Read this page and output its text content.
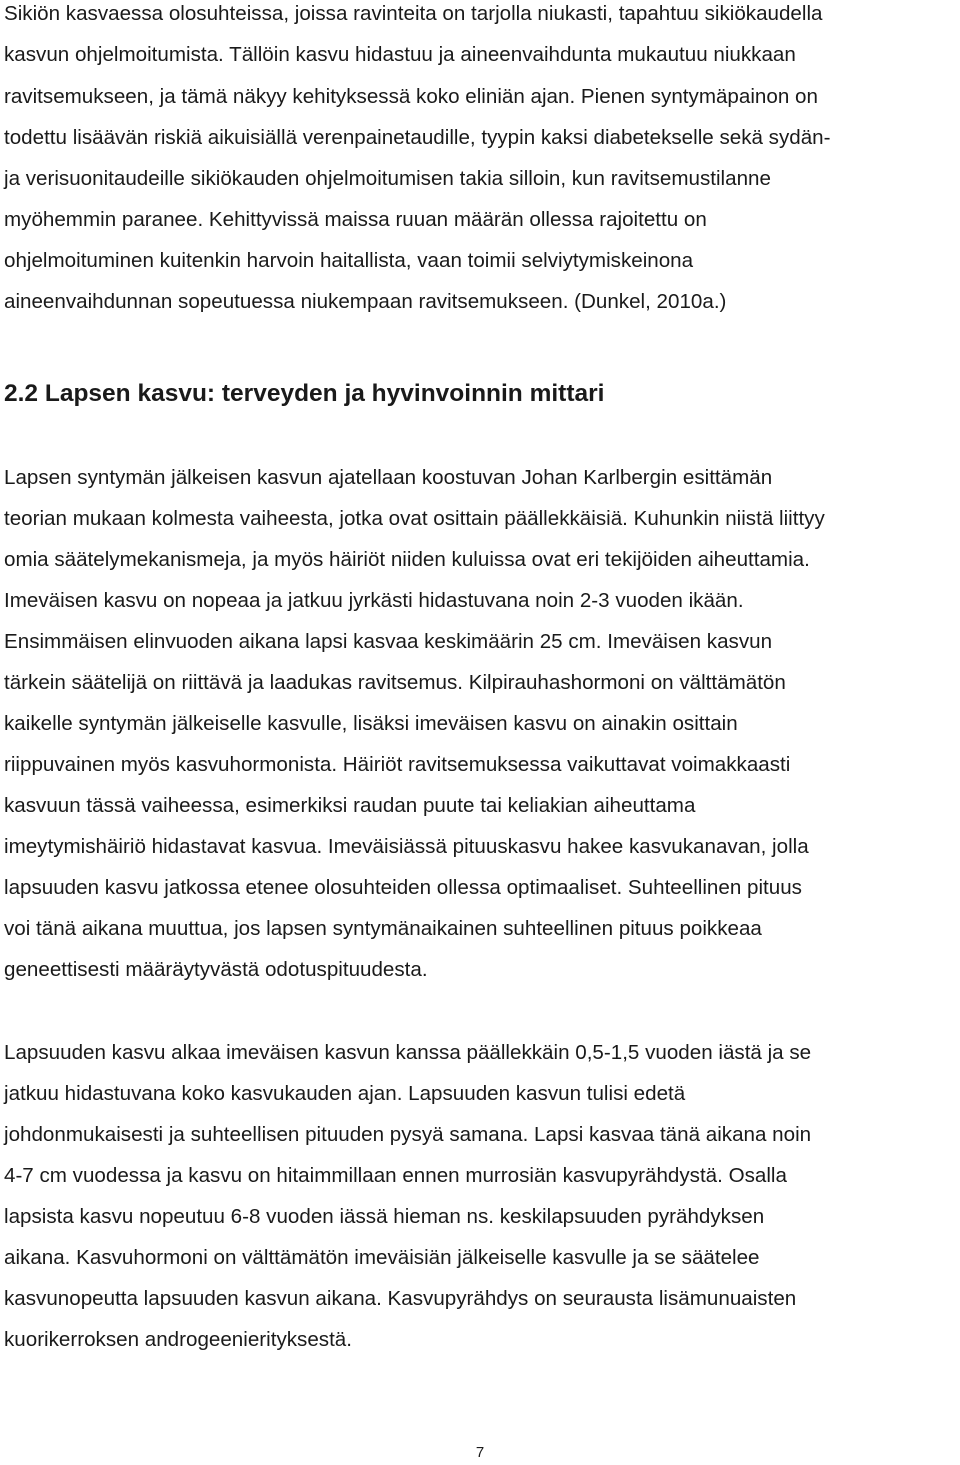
Sikiön kasvaessa olosuhteissa, joissa ravinteita on tarjolla niukasti, tapahtuu sikiökaudella
kasvun ohjelmoitumista. Tällöin kasvu hidastuu ja aineenvaihdunta mukautuu niukkaan
ravitsemukseen, ja tämä näkyy kehityksessä koko eliniän ajan. Pienen syntymäpainon on
todettu lisäävän riskiä aikuisiällä verenpainetaudille, tyypin kaksi diabetekselle sekä sydän-
ja verisuonitaudeille sikiökauden ohjelmoitumisen takia silloin, kun ravitsemustilanne
myöhemmin paranee. Kehittyvissä maissa ruuan määrän ollessa rajoitettu on
ohjelmoituminen kuitenkin harvoin haitallista, vaan toimii selviytymiskeinona
aineenvaihdunnan sopeutuessa niukempaan ravitsemukseen. (Dunkel, 2010a.)
2.2 Lapsen kasvu: terveyden ja hyvinvoinnin mittari
Lapsen syntymän jälkeisen kasvun ajatellaan koostuvan Johan Karlbergin esittämän
teorian mukaan kolmesta vaiheesta, jotka ovat osittain päällekkäisiä. Kuhunkin niistä liittyy
omia säätelymekanismeja, ja myös häiriöt niiden kuluissa ovat eri tekijöiden aiheuttamia.
Imeväisen kasvu on nopeaa ja jatkuu jyrkästi hidastuvana noin 2-3 vuoden ikään.
Ensimmäisen elinvuoden aikana lapsi kasvaa keskimäärin 25 cm. Imeväisen kasvun
tärkein säätelijä on riittävä ja laadukas ravitsemus. Kilpirauhashormoni on välttämätön
kaikelle syntymän jälkeiselle kasvulle, lisäksi imeväisen kasvu on ainakin osittain
riippuvainen myös kasvuhormonista. Häiriöt ravitsemuksessa vaikuttavat voimakkaasti
kasvuun tässä vaiheessa, esimerkiksi raudan puute tai keliakian aiheuttama
imeytymishäiriö hidastavat kasvua. Imeväisiässä pituuskasvu hakee kasvukanavan, jolla
lapsuuden kasvu jatkossa etenee olosuhteiden ollessa optimaaliset. Suhteellinen pituus
voi tänä aikana muuttua, jos lapsen syntymänaikainen suhteellinen pituus poikkeaa
geneettisesti määräytyvästä odotuspituudesta.
Lapsuuden kasvu alkaa imeväisen kasvun kanssa päällekkäin 0,5-1,5 vuoden iästä ja se
jatkuu hidastuvana koko kasvukauden ajan. Lapsuuden kasvun tulisi edetä
johdonmukaisesti ja suhteellisen pituuden pysyä samana. Lapsi kasvaa tänä aikana noin
4-7 cm vuodessa ja kasvu on hitaimmillaan ennen murrosiän kasvupyrähdystä. Osalla
lapsista kasvu nopeutuu 6-8 vuoden iässä hieman ns. keskilapsuuden pyrähdyksen
aikana. Kasvuhormoni on välttämätön imeväisiän jälkeiselle kasvulle ja se säätelee
kasvunopeutta lapsuuden kasvun aikana. Kasvupyrähdys on seurausta lisämunuaisten
kuorikerroksen androgeenierityksestä.
7
